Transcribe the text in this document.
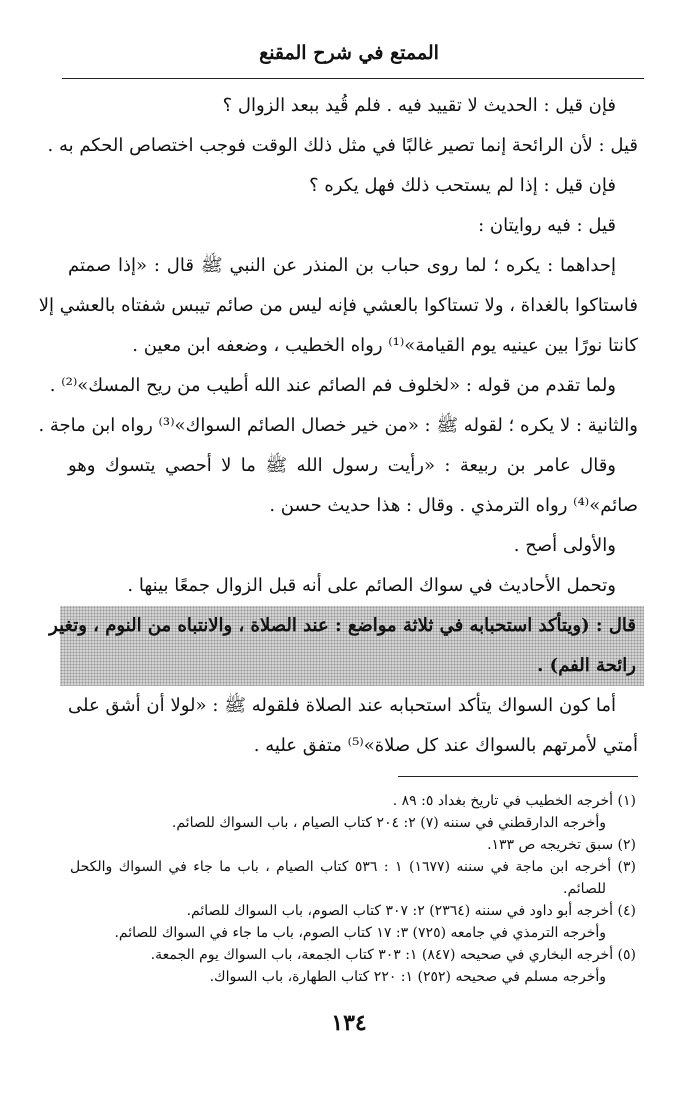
الممتع في شرح المقنع
فإن قيل : الحديث لا تقييد فيه . فلم قُيد ببعد الزوال ؟
قيل : لأن الرائحة إنما تصير غالبًا في مثل ذلك الوقت فوجب اختصاص الحكم به .
فإن قيل : إذا لم يستحب ذلك فهل يكره ؟
قيل : فيه روايتان :
إحداهما : يكره ؛ لما روى حباب بن المنذر عن النبي ﷺ قال : «إذا صمتم
فاستاكوا بالغداة ، ولا تستاكوا بالعشي فإنه ليس من صائم تيبس شفتاه بالعشي إلا
كانتا نورًا بين عينيه يوم القيامة»⁽¹⁾ رواه الخطيب ، وضعفه ابن معين .
ولما تقدم من قوله : «لخلوف فم الصائم عند الله أطيب من ريح المسك»⁽²⁾ .
والثانية : لا يكره ؛ لقوله ﷺ : «من خير خصال الصائم السواك»⁽³⁾ رواه ابن ماجة .
وقال عامر بن ربيعة : «رأيت رسول الله ﷺ ما لا أحصي يتسوك وهو
صائم»⁽⁴⁾ رواه الترمذي . وقال : هذا حديث حسن .
والأولى أصح .
وتحمل الأحاديث في سواك الصائم على أنه قبل الزوال جمعًا بينها .
قال : (ويتأكد استحبابه في ثلاثة مواضع : عند الصلاة ، والانتباه من النوم ، وتغير
رائحة الفم) .
أما كون السواك يتأكد استحبابه عند الصلاة فلقوله ﷺ : «لولا أن أشق على
أمتي لأمرتهم بالسواك عند كل صلاة»⁽⁵⁾ متفق عليه .
(١) أخرجه الخطيب في تاريخ بغداد ٥: ٨٩ .
وأخرجه الدارقطني في سننه (٧) ٢: ٢٠٤ كتاب الصيام ، باب السواك للصائم.
(٢) سبق تخريجه ص ١٣٣.
(٣) أخرجه ابن ماجة في سننه (١٦٧٧) ١ : ٥٣٦ كتاب الصيام ، باب ما جاء في السواك والكحل
للصائم.
(٤) أخرجه أبو داود في سننه (٢٣٦٤) ٢: ٣٠٧ كتاب الصوم، باب السواك للصائم.
وأخرجه الترمذي في جامعه (٧٢٥) ٣: ١٧ كتاب الصوم، باب ما جاء في السواك للصائم.
(٥) أخرجه البخاري في صحيحه (٨٤٧) ١: ٣٠٣ كتاب الجمعة، باب السواك يوم الجمعة.
وأخرجه مسلم في صحيحه (٢٥٢) ١: ٢٢٠ كتاب الطهارة، باب السواك.
١٣٤
